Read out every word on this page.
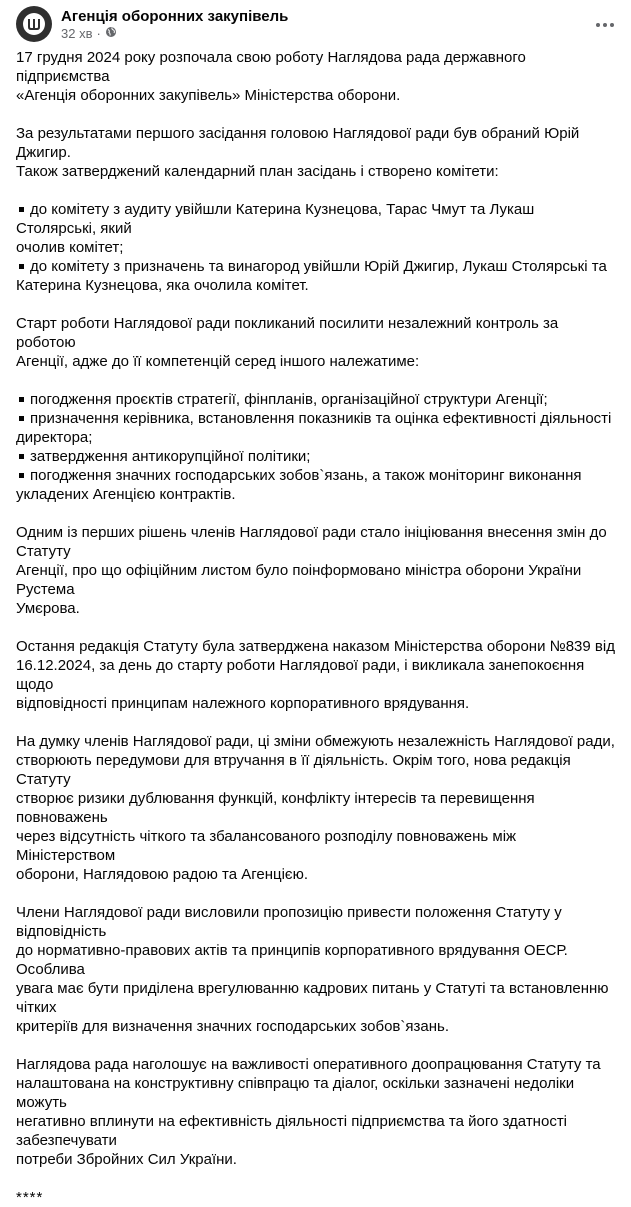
Агенція оборонних закупівель
32 хв ·
17 грудня 2024 року розпочала свою роботу Наглядова рада державного підприємства
«Агенція оборонних закупівель» Міністерства оборони.
За результатами першого засідання головою Наглядової ради був обраний Юрій Джигир.
Також затверджений календарний план засідань і створено комітети:
до комітету з аудиту увійшли Катерина Кузнецова, Тарас Чмут та Лукаш Столярські, який
очолив комітет;
до комітету з призначень та винагород увійшли Юрій Джигир, Лукаш Столярські та
Катерина Кузнецова, яка очолила комітет.
Старт роботи Наглядової ради покликаний посилити незалежний контроль за роботою
Агенції, адже до її компетенцій серед іншого належатиме:
погодження проєктів стратегії, фінпланів, організаційної структури Агенції;
призначення керівника, встановлення показників та оцінка ефективності діяльності
директора;
затвердження антикорупційної політики;
погодження значних господарських зобов`язань, а також моніторинг виконання
укладених Агенцією контрактів.
Одним із перших рішень членів Наглядової ради стало ініціювання внесення змін до Статуту
Агенції, про що офіційним листом було поінформовано міністра оборони України Рустема
Умєрова.
Остання редакція Статуту була затверджена наказом Міністерства оборони №839 від
16.12.2024, за день до старту роботи Наглядової ради, і викликала занепокоєння щодо
відповідності принципам належного корпоративного врядування.
На думку членів Наглядової ради, ці зміни обмежують незалежність Наглядової ради,
створюють передумови для втручання в її діяльність. Окрім того, нова редакція Статуту
створює ризики дублювання функцій, конфлікту інтересів та перевищення повноважень
через відсутність чіткого та збалансованого розподілу повноважень між Міністерством
оборони, Наглядовою радою та Агенцією.
Члени Наглядової ради висловили пропозицію привести положення Статуту у відповідність
до нормативно-правових актів та принципів корпоративного врядування ОЕСР. Особлива
увага має бути приділена врегулюванню кадрових питань у Статуті та встановленню чітких
критеріїв для визначення значних господарських зобов`язань.
Наглядова рада наголошує на важливості оперативного доопрацювання Статуту та
налаштована на конструктивну співпрацю та діалог, оскільки зазначені недоліки можуть
негативно вплинути на ефективність діяльності підприємства та його здатності забезпечувати
потреби Збройних Сил України.
****
